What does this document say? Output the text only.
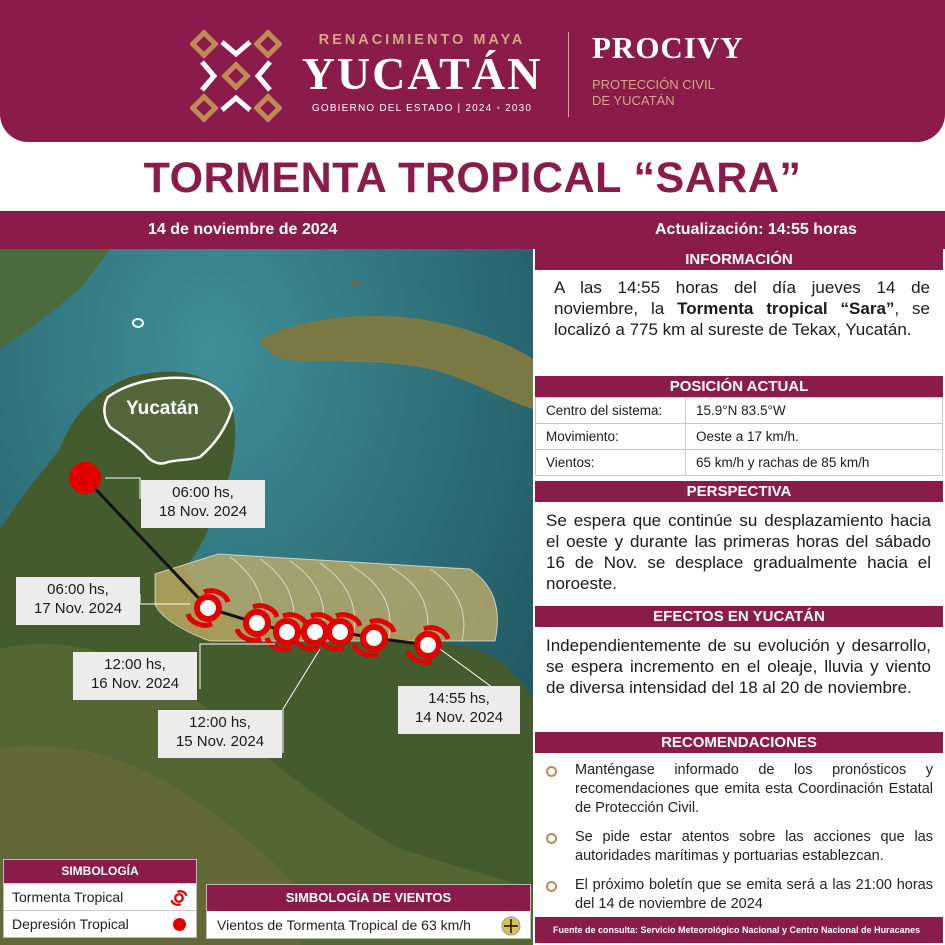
RENACIMIENTO MAYA
YUCATÁN
GOBIERNO DEL ESTADO | 2024 ◦ 2030
PROCIVY
PROTECCIÓN CIVIL
DE YUCATÁN
TORMENTA TROPICAL “SARA”
14 de noviembre de 2024	Actualización: 14:55 horas
Yucatán
06:00 hs,
18 Nov. 2024
06:00 hs,
17 Nov. 2024
12:00 hs,
16 Nov. 2024
12:00 hs,
15 Nov. 2024
14:55 hs,
14 Nov. 2024
SIMBOLOGÍA
Tormenta Tropical
Depresión Tropical
SIMBOLOGÍA DE VIENTOS
Vientos de Tormenta Tropical de 63 km/h
INFORMACIÓN
A las 14:55 horas del día jueves 14 de noviembre, la Tormenta tropical “Sara”, se localizó a 775 km al sureste de Tekax, Yucatán.
POSICIÓN ACTUAL
Centro del sistema:	15.9°N 83.5°W
Movimiento:	Oeste a 17 km/h.
Vientos:	65 km/h y rachas de 85 km/h
PERSPECTIVA
Se espera que continúe su desplazamiento hacia el oeste y durante las primeras horas del sábado 16 de Nov. se desplace gradualmente hacia el noroeste.
EFECTOS EN YUCATÁN
Independientemente de su evolución y desarrollo, se espera incremento en el oleaje, lluvia y viento de diversa intensidad del 18 al 20 de noviembre.
RECOMENDACIONES
Manténgase informado de los pronósticos y recomendaciones que emita esta Coordinación Estatal de Protección Civil.
Se pide estar atentos sobre las acciones que las autoridades marítimas y portuarias establezcan.
El próximo boletín que se emita será a las 21:00 horas del 14 de noviembre de 2024
Fuente de consulta: Servicio Meteorológico Nacional y Centro Nacional de Huracanes
